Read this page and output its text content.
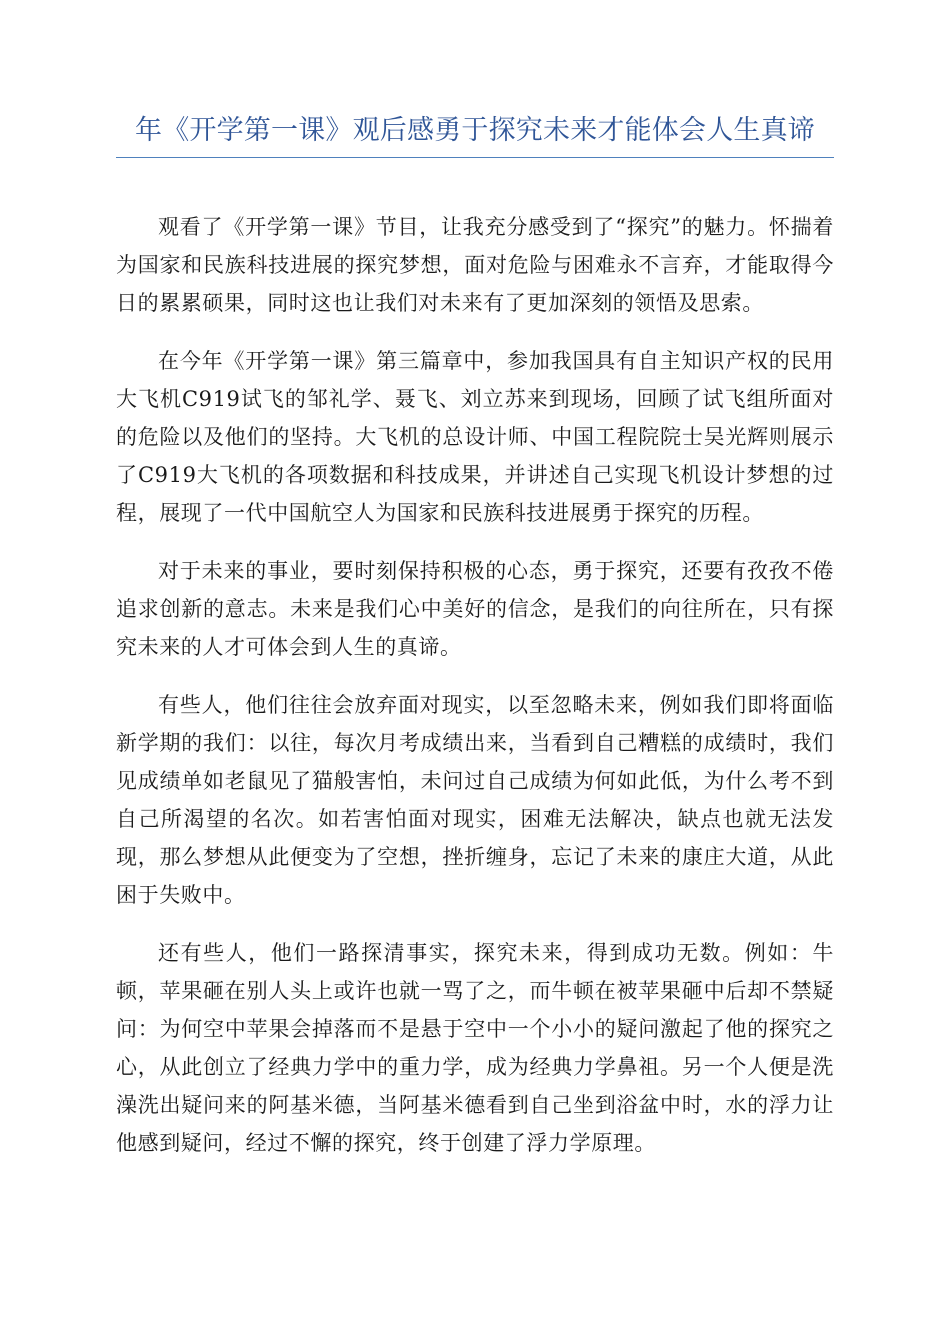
年《开学第一课》观后感勇于探究未来才能体会人生真谛

观看了《开学第一课》节目，让我充分感受到了“探究”的魅力。怀揣着为国家和民族科技进展的探究梦想，面对危险与困难永不言弃，才能取得今日的累累硕果，同时这也让我们对未来有了更加深刻的领悟及思索。

在今年《开学第一课》第三篇章中，参加我国具有自主知识产权的民用大飞机C919试飞的邹礼学、聂飞、刘立苏来到现场，回顾了试飞组所面对的危险以及他们的坚持。大飞机的总设计师、中国工程院院士吴光辉则展示了C919大飞机的各项数据和科技成果，并讲述自己实现飞机设计梦想的过程，展现了一代中国航空人为国家和民族科技进展勇于探究的历程。

对于未来的事业，要时刻保持积极的心态，勇于探究，还要有孜孜不倦追求创新的意志。未来是我们心中美好的信念，是我们的向往所在，只有探究未来的人才可体会到人生的真谛。

有些人，他们往往会放弃面对现实，以至忽略未来，例如我们即将面临新学期的我们：以往，每次月考成绩出来，当看到自己糟糕的成绩时，我们见成绩单如老鼠见了猫般害怕，未问过自己成绩为何如此低，为什么考不到自己所渴望的名次。如若害怕面对现实，困难无法解决，缺点也就无法发现，那么梦想从此便变为了空想，挫折缠身，忘记了未来的康庄大道，从此困于失败中。

还有些人，他们一路探清事实，探究未来，得到成功无数。例如：牛顿，苹果砸在别人头上或许也就一骂了之，而牛顿在被苹果砸中后却不禁疑问：为何空中苹果会掉落而不是悬于空中一个小小的疑问激起了他的探究之心，从此创立了经典力学中的重力学，成为经典力学鼻祖。另一个人便是洗澡洗出疑问来的阿基米德，当阿基米德看到自己坐到浴盆中时，水的浮力让他感到疑问，经过不懈的探究，终于创建了浮力学原理。
